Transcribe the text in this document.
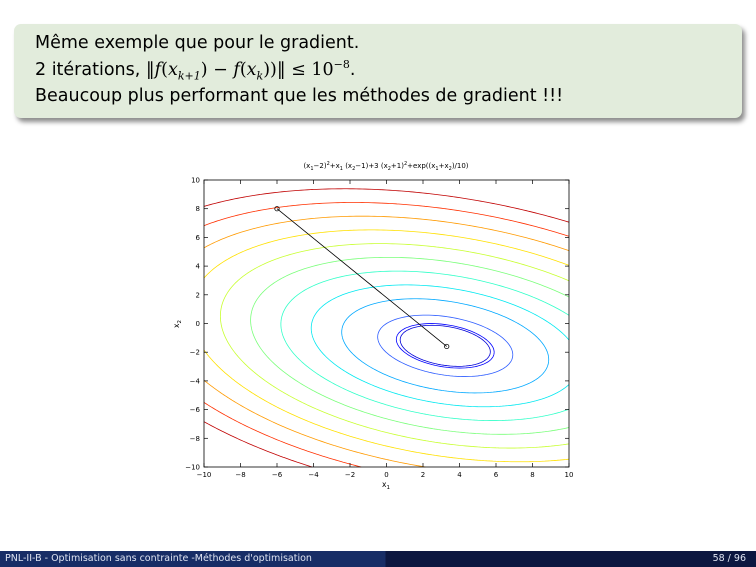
Même exemple que pour le gradient.
2 itérations, $‖f(x_{k+1})$ − $f(x_k))‖ \le 10^{-8}$.
Beaucoup plus performant que les méthodes de gradient !!!
$(x_1-2)^2+x_1$ $(x_2-1)+3$ $(x_2+1)^2+\exp((x_1+x_2)/10)$
−10	−8	−6	−4	−2	0	2	4	6	8	10
−10
−8
−6
−4
−2
0
2
4
6
8
10
$x_1$
$x_2$
PNL-II-B - Optimisation sans contrainte -Méthodes d'optimisation	58 / 96
